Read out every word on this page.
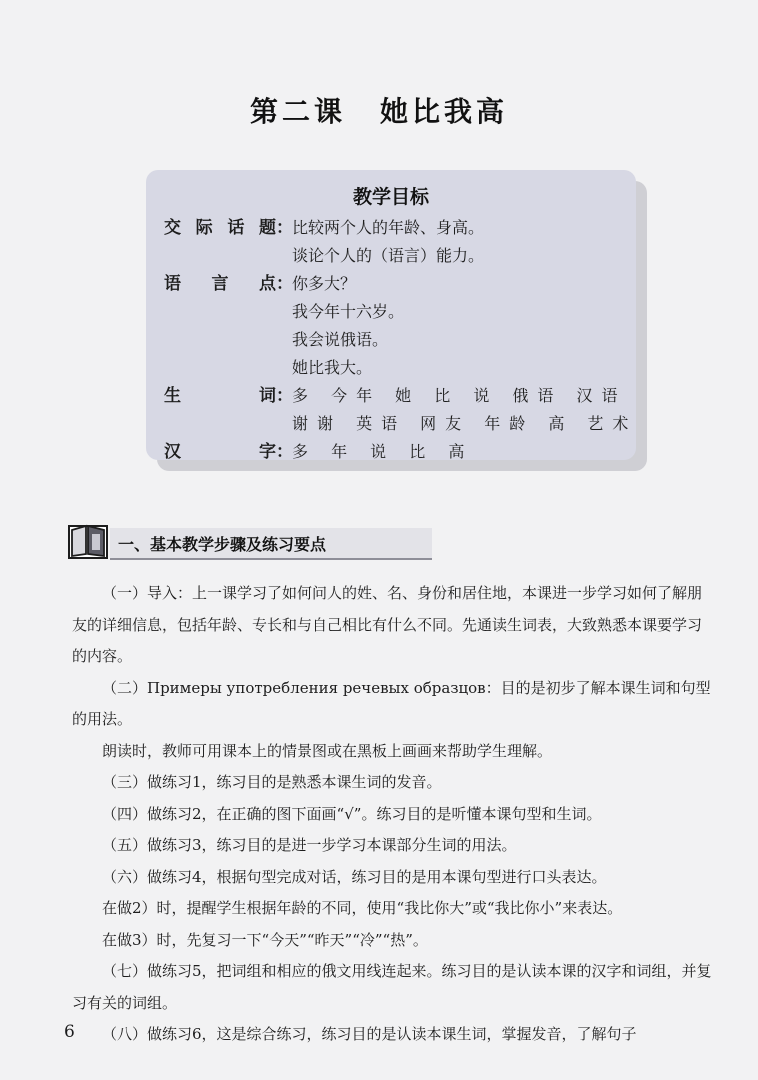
第二课 她比我高
教学目标
交际话题 ： 比较两个人的年龄、身高。
谈论个人的（语言）能力。
语言点 ： 你多大？
我今年十六岁。
我会说俄语。
她比我大。
生词 ： 多 今年 她 比 说 俄语 汉语
谢谢 英语 网友 年龄 高 艺术
汉字 ： 多 年 说 比 高
一、基本教学步骤及练习要点

（一）导入：上一课学习了如何问人的姓、名、身份和居住地，本课进一步学习如何了解朋友的详细信息，包括年龄、专长和与自己相比有什么不同。先通读生词表，大致熟悉本课要学习的内容。

（二）Примеры употребления речевых образцов：目的是初步了解本课生词和句型的用法。

朗读时，教师可用课本上的情景图或在黑板上画画来帮助学生理解。

（三）做练习1，练习目的是熟悉本课生词的发音。

（四）做练习2，在正确的图下面画“√”。练习目的是听懂本课句型和生词。

（五）做练习3，练习目的是进一步学习本课部分生词的用法。

（六）做练习4，根据句型完成对话，练习目的是用本课句型进行口头表达。

在做2）时，提醒学生根据年龄的不同，使用“我比你大”或“我比你小”来表达。

在做3）时，先复习一下“今天”“昨天”“冷”“热”。

（七）做练习5，把词组和相应的俄文用线连起来。练习目的是认读本课的汉字和词组，并复习有关的词组。

（八）做练习6，这是综合练习，练习目的是认读本课生词，掌握发音，了解句子

6
